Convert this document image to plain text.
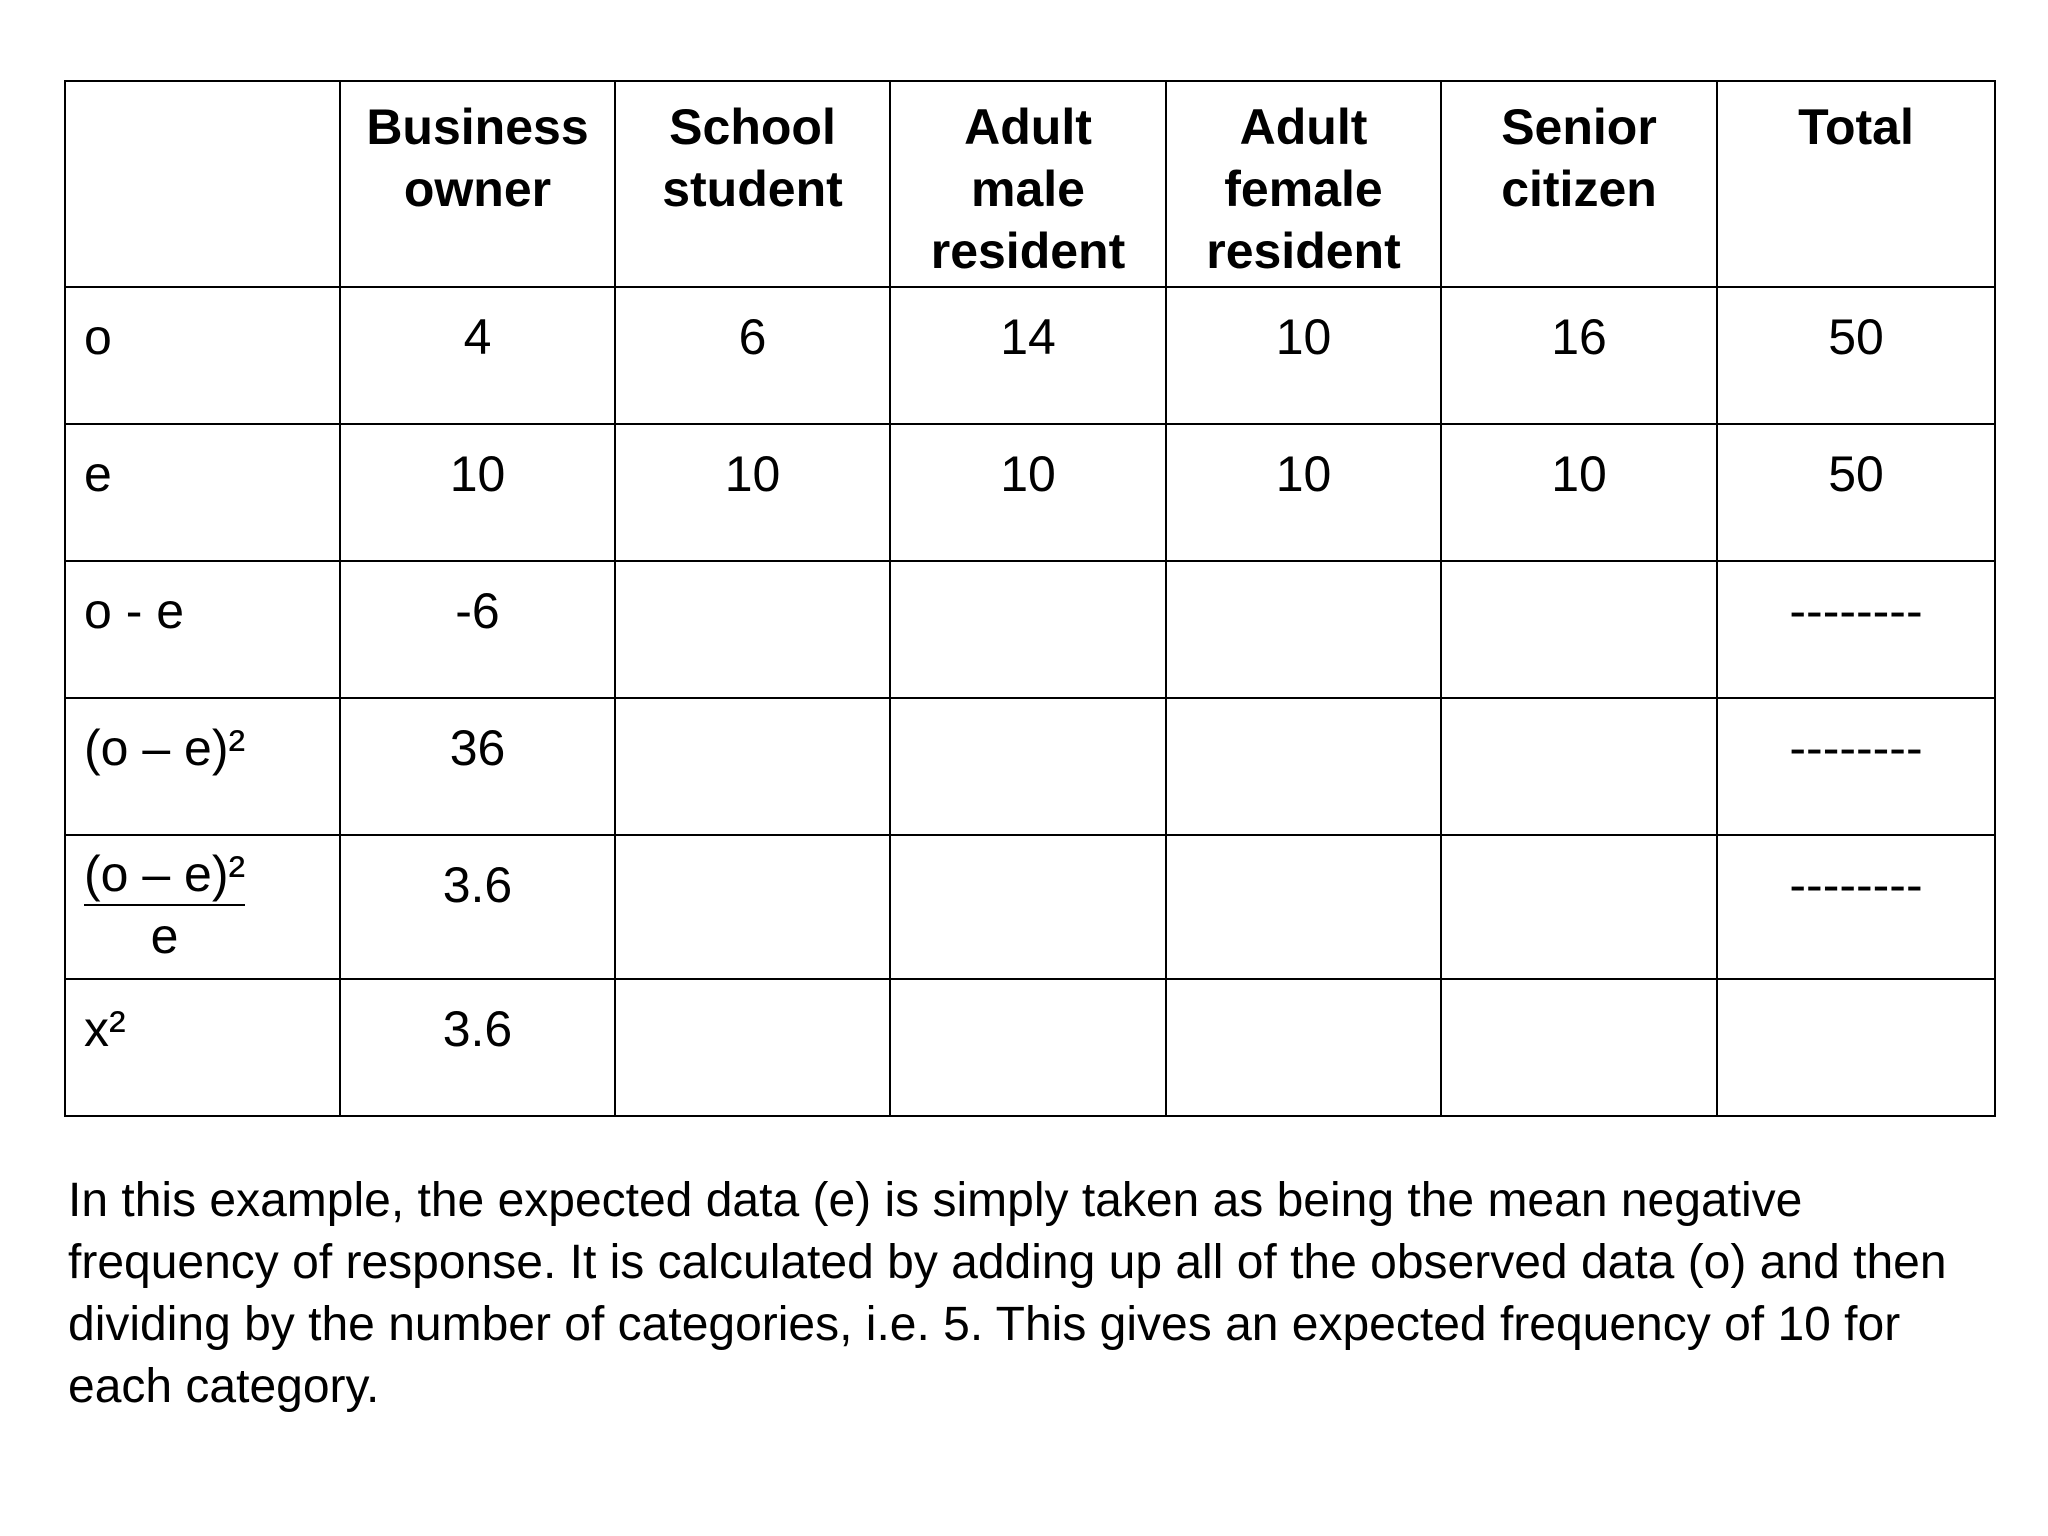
	Business
owner	School
student	Adult
male
resident	Adult
female
resident	Senior
citizen	Total

o	4	6	14	10	16	50
e	10	10	10	10	10	50
o - e	-6					--------
(o – e)²	36					--------

$\frac{\text{(o – e)²}}{e}$	3.6					--------
x²	3.6					

In this example, the expected data (e) is simply taken as being the mean negative frequency of response. It is calculated by adding up all of the observed data (o) and then dividing by the number of categories, i.e. 5. This gives an expected frequency of 10 for each category.
